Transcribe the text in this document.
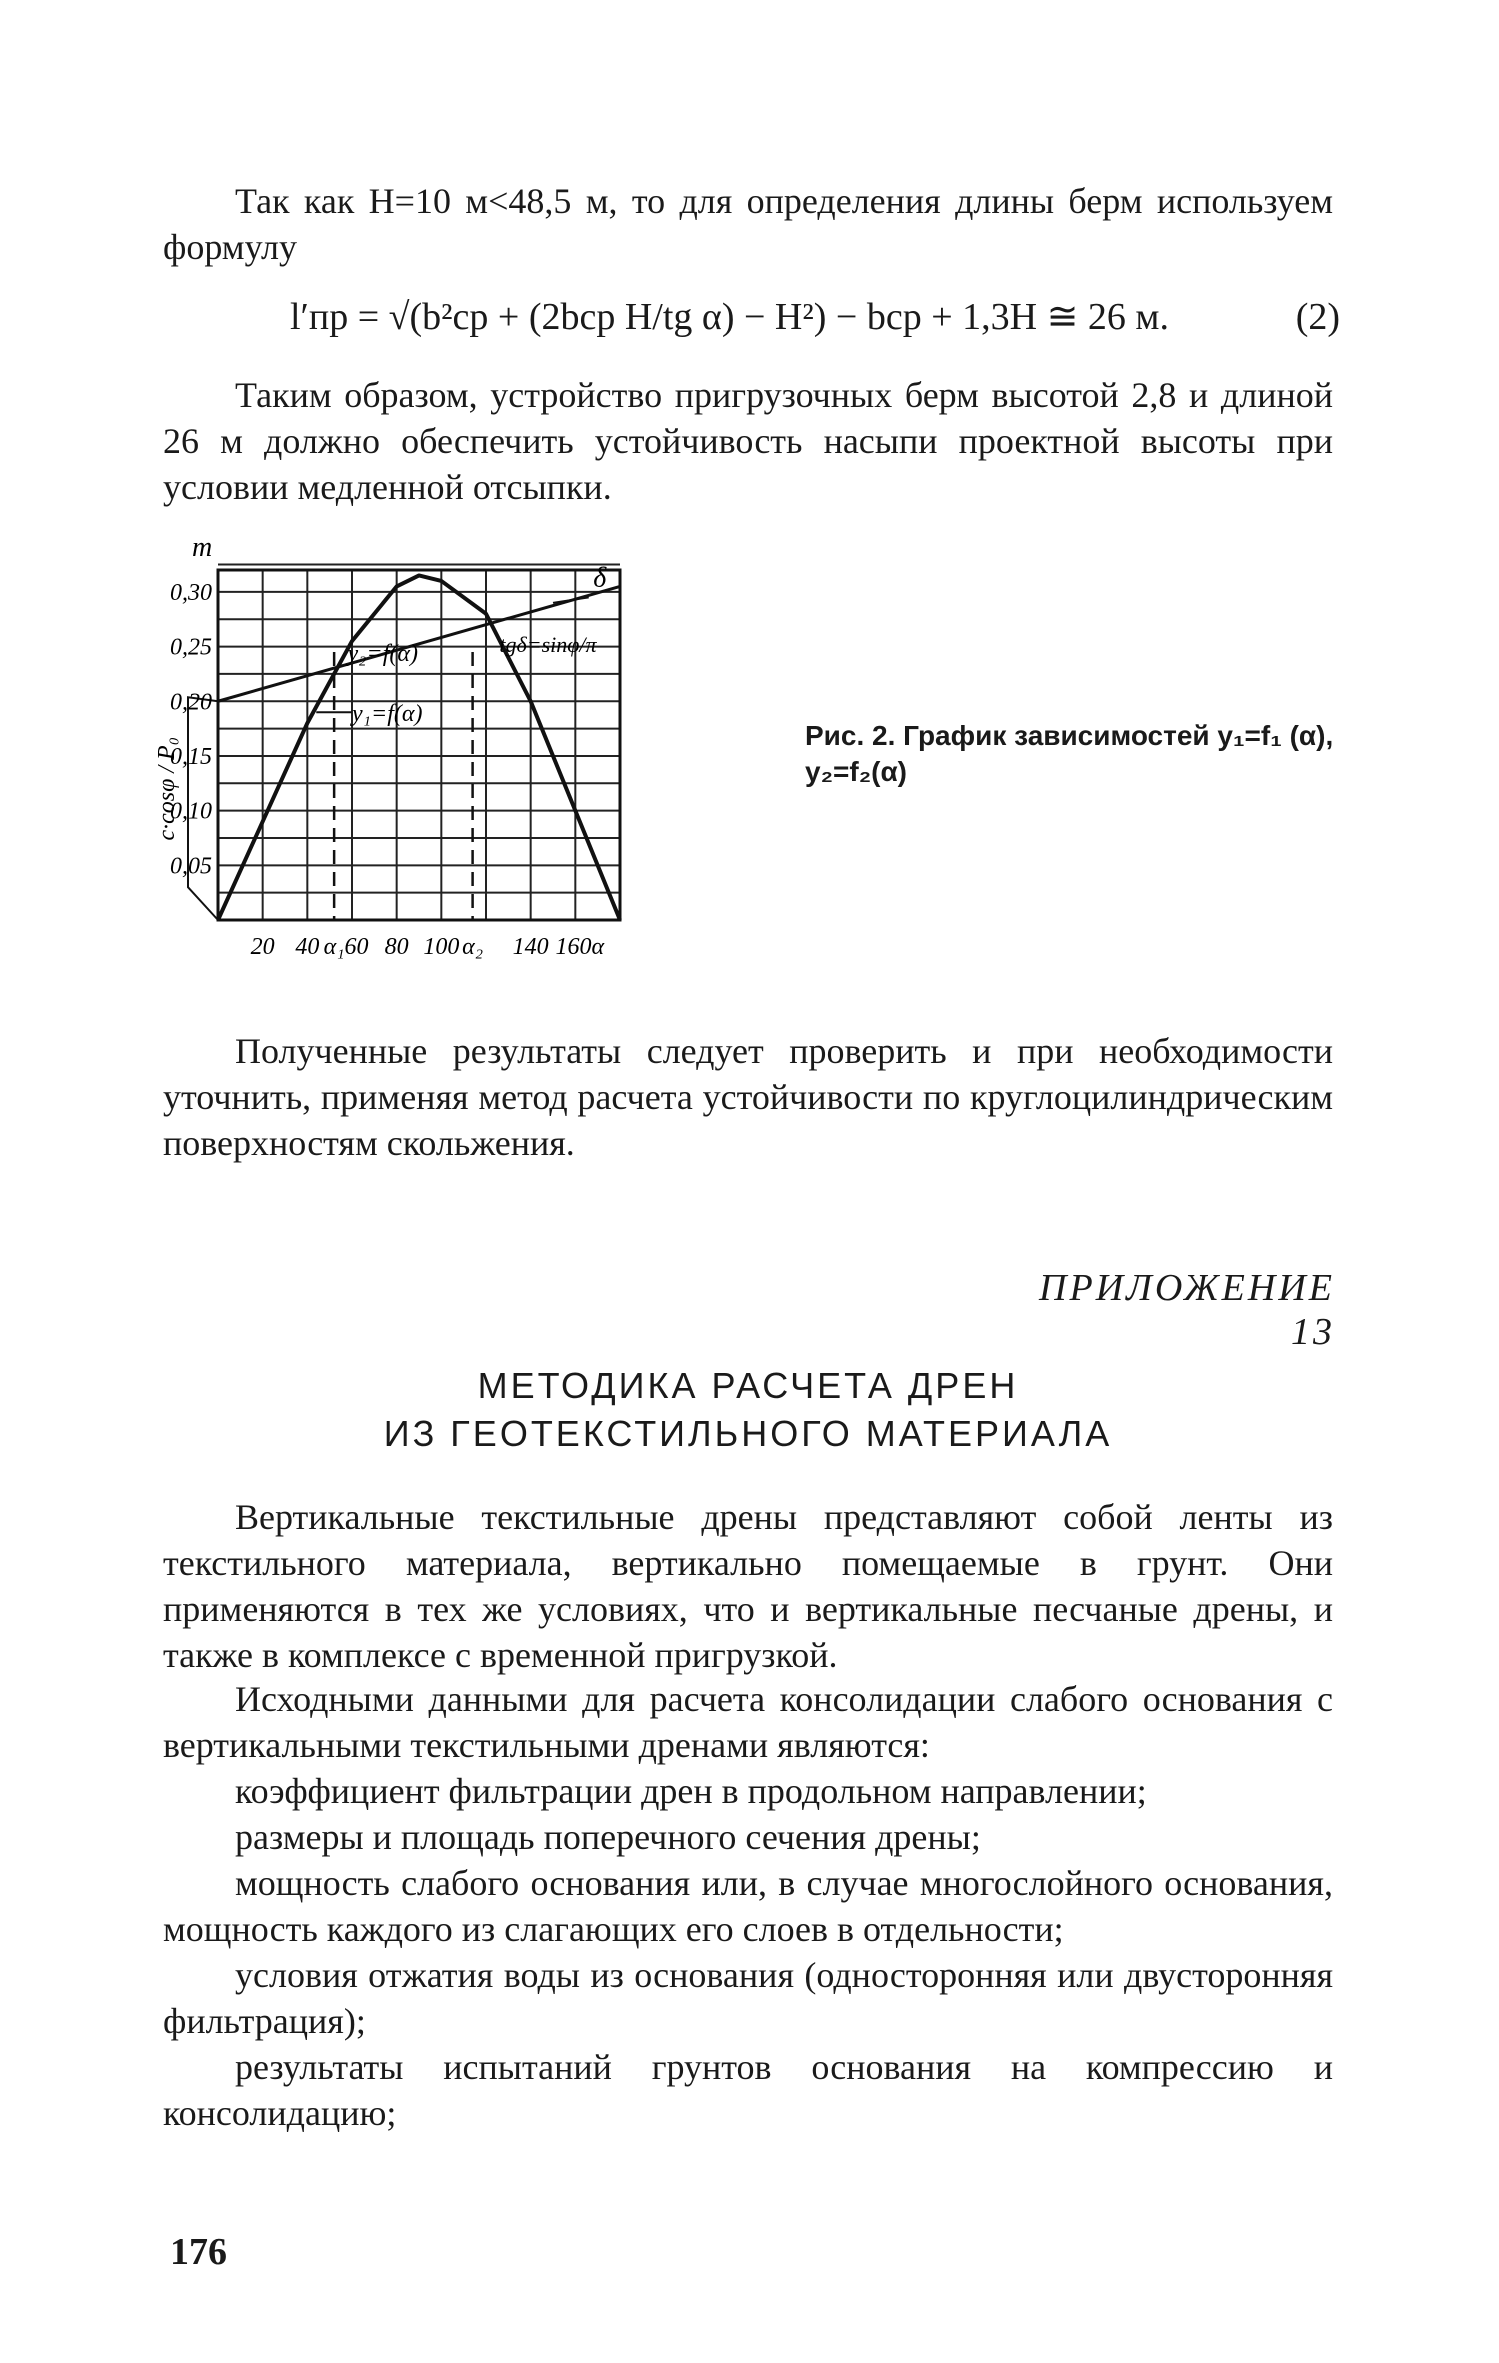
Так как H=10 м<48,5 м, то для определения длины берм используем формулу

l′пр = √(b²ср + (2bср H/tg α) − H²) − bср + 1,3H ≅ 26 м.	(2)

Таким образом, устройство пригрузочных берм высотой 2,8 и длиной 26 м должно обеспечить устойчивость насыпи проектной высоты при условии медленной отсыпки.

0,30
0,25
0,20
0,15
0,10
0,05
m
c·cosφ / P₀
20 40 α₁ 60 80 100 α₂ 140 160α
δ
tgδ=sinφ/π
y₂=f(α)
y₁=f(α)
Рис. 2. График зависимостей y₁=f₁ (α), y₂=f₂(α)

Полученные результаты следует проверить и при необходимости уточнить, применяя метод расчета устойчивости по круглоцилиндрическим поверхностям скольжения.

ПРИЛОЖЕНИЕ 13
МЕТОДИКА РАСЧЕТА ДРЕН
ИЗ ГЕОТЕКСТИЛЬНОГО МАТЕРИАЛА

Вертикальные текстильные дрены представляют собой ленты из текстильного материала, вертикально помещаемые в грунт. Они применяются в тех же условиях, что и вертикальные песчаные дрены, и также в комплексе с временной пригрузкой.

Исходными данными для расчета консолидации слабого основания с вертикальными текстильными дренами являются:

коэффициент фильтрации дрен в продольном направлении;

размеры и площадь поперечного сечения дрены;

мощность слабого основания или, в случае многослойного основания, мощность каждого из слагающих его слоев в отдельности;

условия отжатия воды из основания (односторонняя или двусторонняя фильтрация);

результаты испытаний грунтов основания на компрессию и консолидацию;

176
